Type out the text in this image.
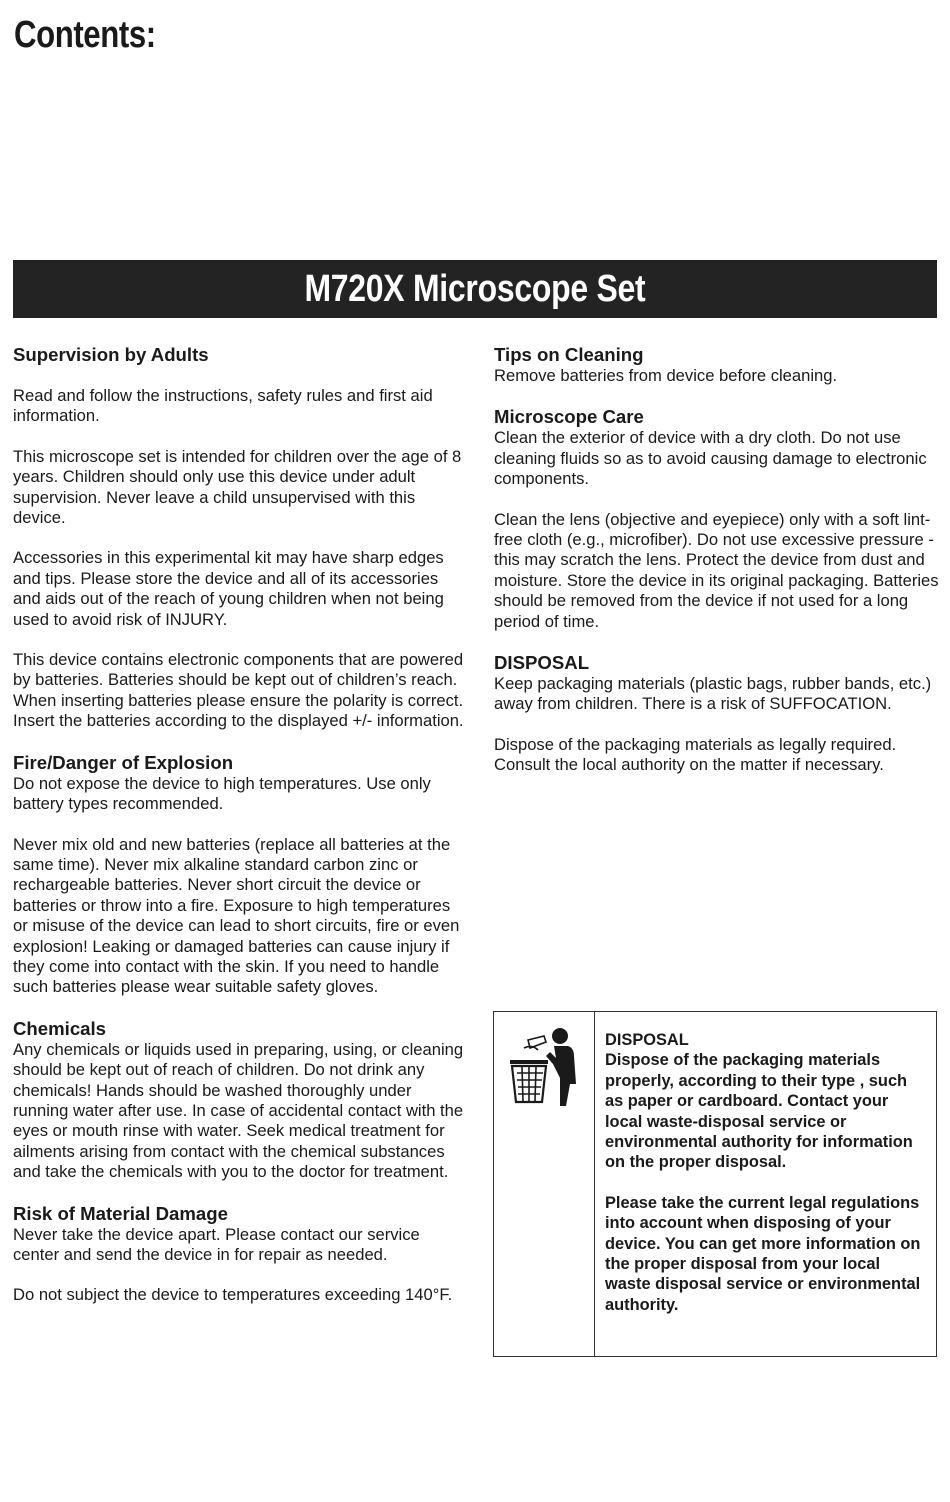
Contents:
M720X Microscope Set
Supervision by Adults

Read and follow the instructions, safety rules and first aid information.

This microscope set is intended for children over the age of 8 years. Children should only use this device under adult supervision. Never leave a child unsupervised with this device.

Accessories in this experimental kit may have sharp edges and tips. Please store the device and all of its accessories and aids out of the reach of young children when not being used to avoid risk of INJURY.

This device contains electronic components that are powered by batteries. Batteries should be kept out of children’s reach. When inserting batteries please ensure the polarity is correct. Insert the batteries according to the displayed +/- information.

Fire/Danger of Explosion

Do not expose the device to high temperatures. Use only battery types recommended.

Never mix old and new batteries (replace all batteries at the same time). Never mix alkaline standard carbon zinc or rechargeable batteries. Never short circuit the device or batteries or throw into a fire. Exposure to high temperatures or misuse of the device can lead to short circuits, fire or even explosion! Leaking or damaged batteries can cause injury if they come into contact with the skin. If you need to handle such batteries please wear suitable safety gloves.

Chemicals

Any chemicals or liquids used in preparing, using, or cleaning should be kept out of reach of children. Do not drink any chemicals! Hands should be washed thoroughly under running water after use. In case of accidental contact with the eyes or mouth rinse with water. Seek medical treatment for ailments arising from contact with the chemical substances and take the chemicals with you to the doctor for treatment.

Risk of Material Damage

Never take the device apart. Please contact our service center and send the device in for repair as needed.

Do not subject the device to temperatures exceeding 140°F.

Tips on Cleaning

Remove batteries from device before cleaning.

Microscope Care

Clean the exterior of device with a dry cloth. Do not use cleaning fluids so as to avoid causing damage to electronic components.

Clean the lens (objective and eyepiece) only with a soft lint-free cloth (e.g., microfiber). Do not use excessive pressure - this may scratch the lens. Protect the device from dust and moisture. Store the device in its original packaging. Batteries should be removed from the device if not used for a long period of time.

DISPOSAL

Keep packaging materials (plastic bags, rubber bands, etc.) away from children. There is a risk of SUFFOCATION.

Dispose of the packaging materials as legally required. Consult the local authority on the matter if necessary.

DISPOSAL

Dispose of the packaging materials properly, according to their type , such as paper or cardboard. Contact your local waste-disposal service or environmental authority for information on the proper disposal.

Please take the current legal regulations into account when disposing of your device. You can get more information on the proper disposal from your local waste disposal service or environmental authority.
